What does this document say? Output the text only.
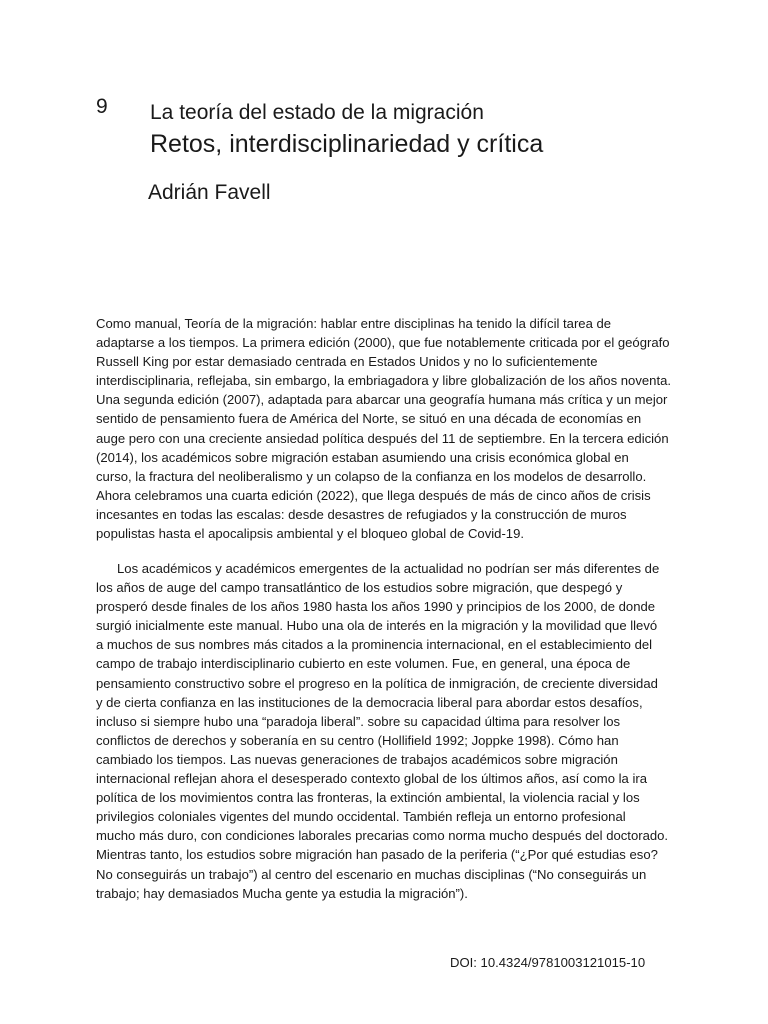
9 La teoría del estado de la migración
Retos, interdisciplinariedad y crítica
Adrián Favell
Como manual, Teoría de la migración: hablar entre disciplinas ha tenido la difícil tarea de
adaptarse a los tiempos. La primera edición (2000), que fue notablemente criticada por el geógrafo
Russell King por estar demasiado centrada en Estados Unidos y no lo suficientemente
interdisciplinaria, reflejaba, sin embargo, la embriagadora y libre globalización de los años noventa.
Una segunda edición (2007), adaptada para abarcar una geografía humana más crítica y un mejor
sentido de pensamiento fuera de América del Norte, se situó en una década de economías en
auge pero con una creciente ansiedad política después del 11 de septiembre. En la tercera edición
(2014), los académicos sobre migración estaban asumiendo una crisis económica global en
curso, la fractura del neoliberalismo y un colapso de la confianza en los modelos de desarrollo.
Ahora celebramos una cuarta edición (2022), que llega después de más de cinco años de crisis
incesantes en todas las escalas: desde desastres de refugiados y la construcción de muros
populistas hasta el apocalipsis ambiental y el bloqueo global de Covid-19.
Los académicos y académicos emergentes de la actualidad no podrían ser más diferentes de
los años de auge del campo transatlántico de los estudios sobre migración, que despegó y
prosperó desde finales de los años 1980 hasta los años 1990 y principios de los 2000, de donde
surgió inicialmente este manual. Hubo una ola de interés en la migración y la movilidad que llevó
a muchos de sus nombres más citados a la prominencia internacional, en el establecimiento del
campo de trabajo interdisciplinario cubierto en este volumen. Fue, en general, una época de
pensamiento constructivo sobre el progreso en la política de inmigración, de creciente diversidad
y de cierta confianza en las instituciones de la democracia liberal para abordar estos desafíos,
incluso si siempre hubo una “paradoja liberal”. sobre su capacidad última para resolver los
conflictos de derechos y soberanía en su centro (Hollifield 1992; Joppke 1998). Cómo han
cambiado los tiempos. Las nuevas generaciones de trabajos académicos sobre migración
internacional reflejan ahora el desesperado contexto global de los últimos años, así como la ira
política de los movimientos contra las fronteras, la extinción ambiental, la violencia racial y los
privilegios coloniales vigentes del mundo occidental. También refleja un entorno profesional
mucho más duro, con condiciones laborales precarias como norma mucho después del doctorado.
Mientras tanto, los estudios sobre migración han pasado de la periferia (“¿Por qué estudias eso?
No conseguirás un trabajo”) al centro del escenario en muchas disciplinas (“No conseguirás un
trabajo; hay demasiados Mucha gente ya estudia la migración”).
DOI: 10.4324/9781003121015-10
